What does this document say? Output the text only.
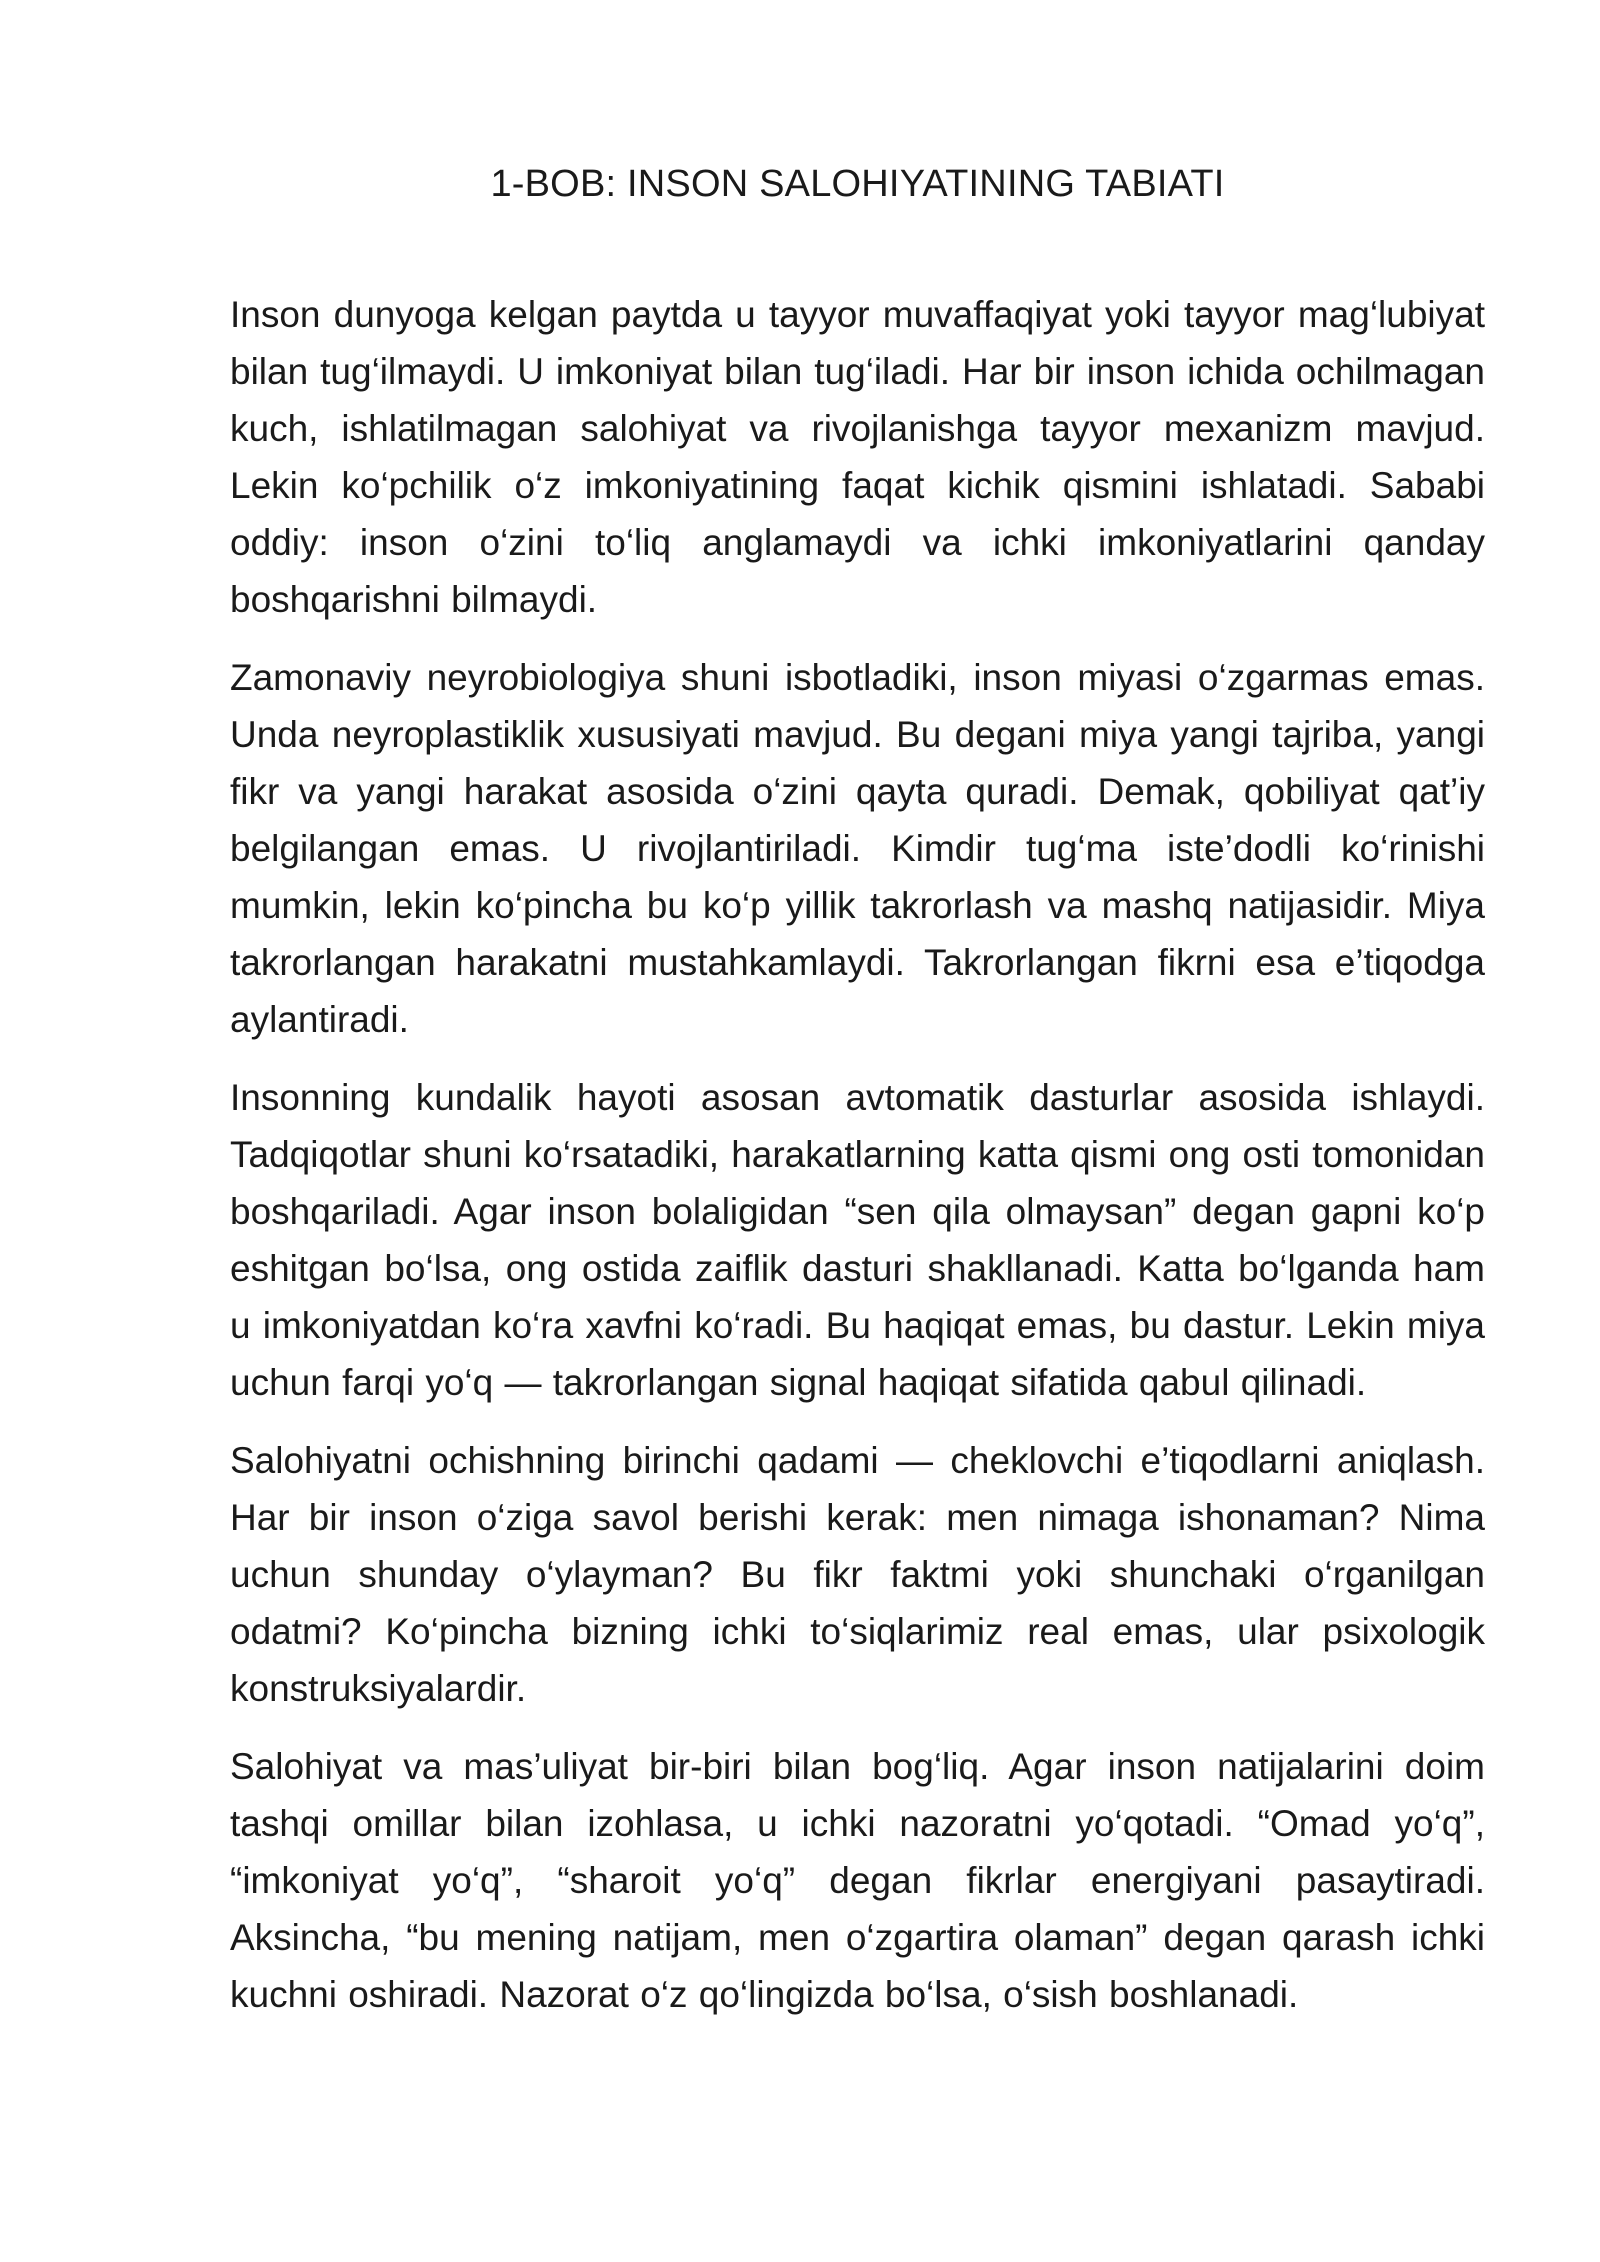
1-BOB: INSON SALOHIYATINING TABIATI

Inson dunyoga kelgan paytda u tayyor muvaffaqiyat yoki tayyor mag‘lubiyat bilan tug‘ilmaydi. U imkoniyat bilan tug‘iladi. Har bir inson ichida ochilmagan kuch, ishlatilmagan salohiyat va rivojlanishga tayyor mexanizm mavjud. Lekin ko‘pchilik o‘z imkoniyatining faqat kichik qismini ishlatadi. Sababi oddiy: inson o‘zini to‘liq anglamaydi va ichki imkoniyatlarini qanday boshqarishni bilmaydi.

Zamonaviy neyrobiologiya shuni isbotladiki, inson miyasi o‘zgarmas emas. Unda neyroplastiklik xususiyati mavjud. Bu degani miya yangi tajriba, yangi fikr va yangi harakat asosida o‘zini qayta quradi. Demak, qobiliyat qat’iy belgilangan emas. U rivojlantiriladi. Kimdir tug‘ma iste’dodli ko‘rinishi mumkin, lekin ko‘pincha bu ko‘p yillik takrorlash va mashq natijasidir. Miya takrorlangan harakatni mustahkamlaydi. Takrorlangan fikrni esa e’tiqodga aylantiradi.

Insonning kundalik hayoti asosan avtomatik dasturlar asosida ishlaydi. Tadqiqotlar shuni ko‘rsatadiki, harakatlarning katta qismi ong osti tomonidan boshqariladi. Agar inson bolaligidan “sen qila olmaysan” degan gapni ko‘p eshitgan bo‘lsa, ong ostida zaiflik dasturi shakllanadi. Katta bo‘lganda ham u imkoniyatdan ko‘ra xavfni ko‘radi. Bu haqiqat emas, bu dastur. Lekin miya uchun farqi yo‘q — takrorlangan signal haqiqat sifatida qabul qilinadi.

Salohiyatni ochishning birinchi qadami — cheklovchi e’tiqodlarni aniqlash. Har bir inson o‘ziga savol berishi kerak: men nimaga ishonaman? Nima uchun shunday o‘ylayman? Bu fikr faktmi yoki shunchaki o‘rganilgan odatmi? Ko‘pincha bizning ichki to‘siqlarimiz real emas, ular psixologik konstruksiyalardir.

Salohiyat va mas’uliyat bir-biri bilan bog‘liq. Agar inson natijalarini doim tashqi omillar bilan izohlasa, u ichki nazoratni yo‘qotadi. “Omad yo‘q”, “imkoniyat yo‘q”, “sharoit yo‘q” degan fikrlar energiyani pasaytiradi. Aksincha, “bu mening natijam, men o‘zgartira olaman” degan qarash ichki kuchni oshiradi. Nazorat o‘z qo‘lingizda bo‘lsa, o‘sish boshlanadi.
